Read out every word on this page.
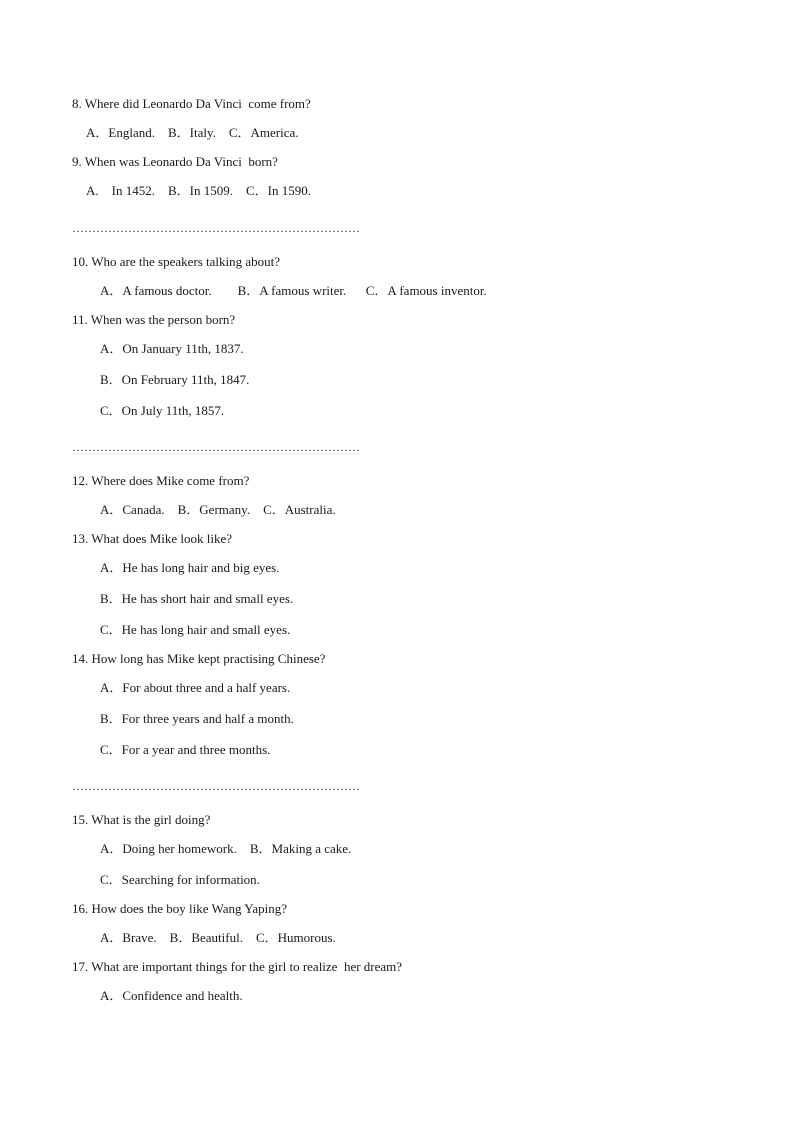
8. Where did Leonardo Da Vinci  come from?
A．England.    B．Italy.    C．America.
9. When was Leonardo Da Vinci  born?
A.    In 1452.    B．In 1509.    C．In 1590.
………………………………………………………………
10. Who are the speakers talking about?
A．A famous doctor.        B．A famous writer.      C．A famous inventor.
11. When was the person born?
A．On January 11th, 1837.
B．On February 11th, 1847.
C．On July 11th, 1857.
………………………………………………………………
12. Where does Mike come from?
A．Canada.    B．Germany.    C．Australia.
13. What does Mike look like?
A．He has long hair and big eyes.
B．He has short hair and small eyes.
C．He has long hair and small eyes.
14. How long has Mike kept practising Chinese?
A．For about three and a half years.
B．For three years and half a month.
C．For a year and three months.
………………………………………………………………
15. What is the girl doing?
A．Doing her homework.    B．Making a cake.
C．Searching for information.
16. How does the boy like Wang Yaping?
A．Brave.    B．Beautiful.    C．Humorous.
17. What are important things for the girl to realize  her dream?
A．Confidence and health.
